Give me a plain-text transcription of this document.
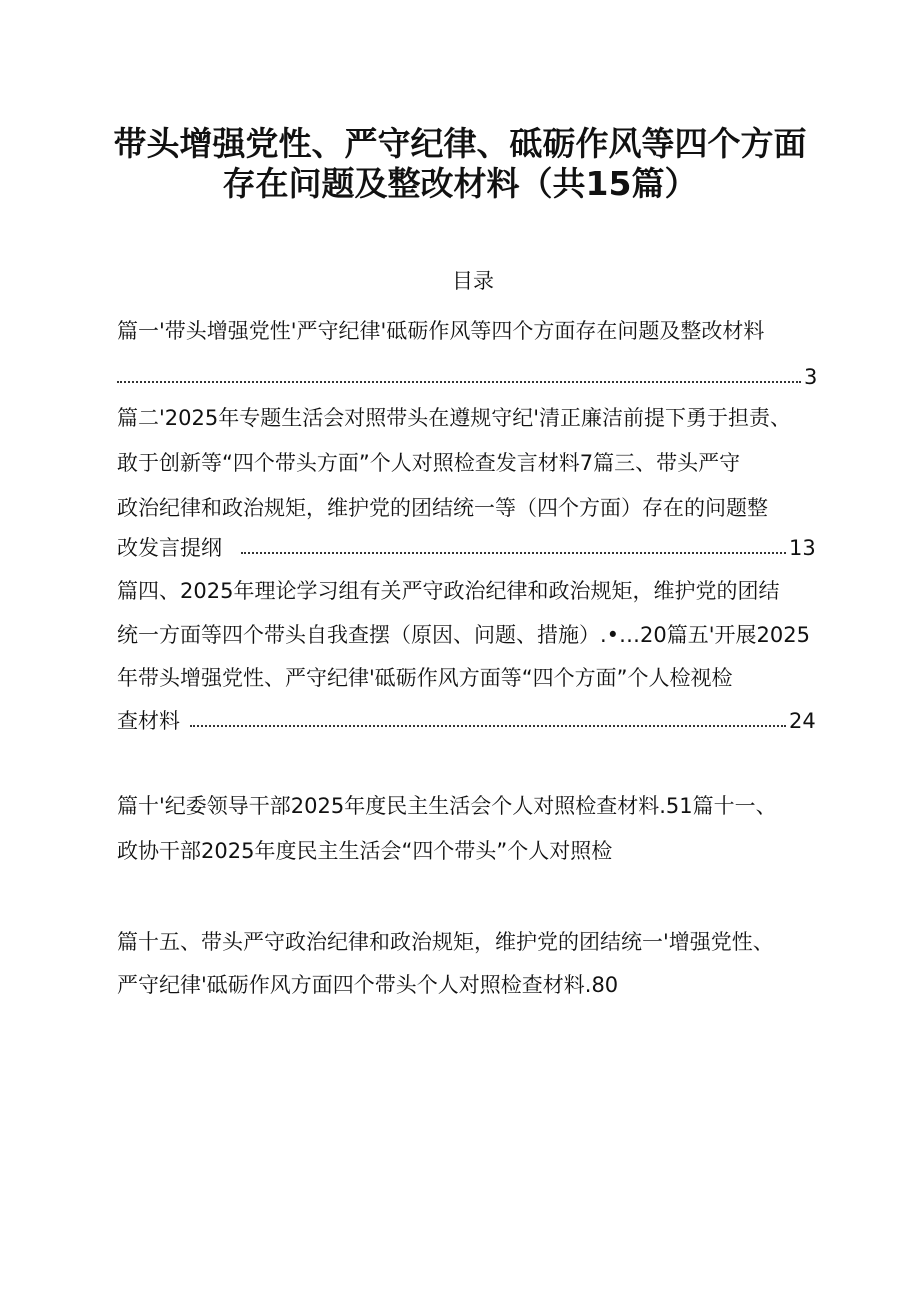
带头增强党性、严守纪律、砥砺作风等四个方面
存在问题及整改材料（共15篇）
目录
篇一'带头增强党性'严守纪律'砥砺作风等四个方面存在问题及整改材料
3
篇二'2025年专题生活会对照带头在遵规守纪'清正廉洁前提下勇于担责、
敢于创新等“四个带头方面”个人对照检查发言材料7篇三、带头严守
政治纪律和政治规矩，维护党的团结统一等（四个方面）存在的问题整
改发言提纲	13
篇四、2025年理论学习组有关严守政治纪律和政治规矩，维护党的团结
统一方面等四个带头自我查摆（原因、问题、措施）.•…20篇五'开展2025
年带头增强党性、严守纪律'砥砺作风方面等“四个方面”个人检视检
查材料	24
篇十'纪委领导干部2025年度民主生活会个人对照检查材料.51篇十一、
政协干部2025年度民主生活会“四个带头”个人对照检
篇十五、带头严守政治纪律和政治规矩，维护党的团结统一'增强党性、
严守纪律'砥砺作风方面四个带头个人对照检查材料.80
